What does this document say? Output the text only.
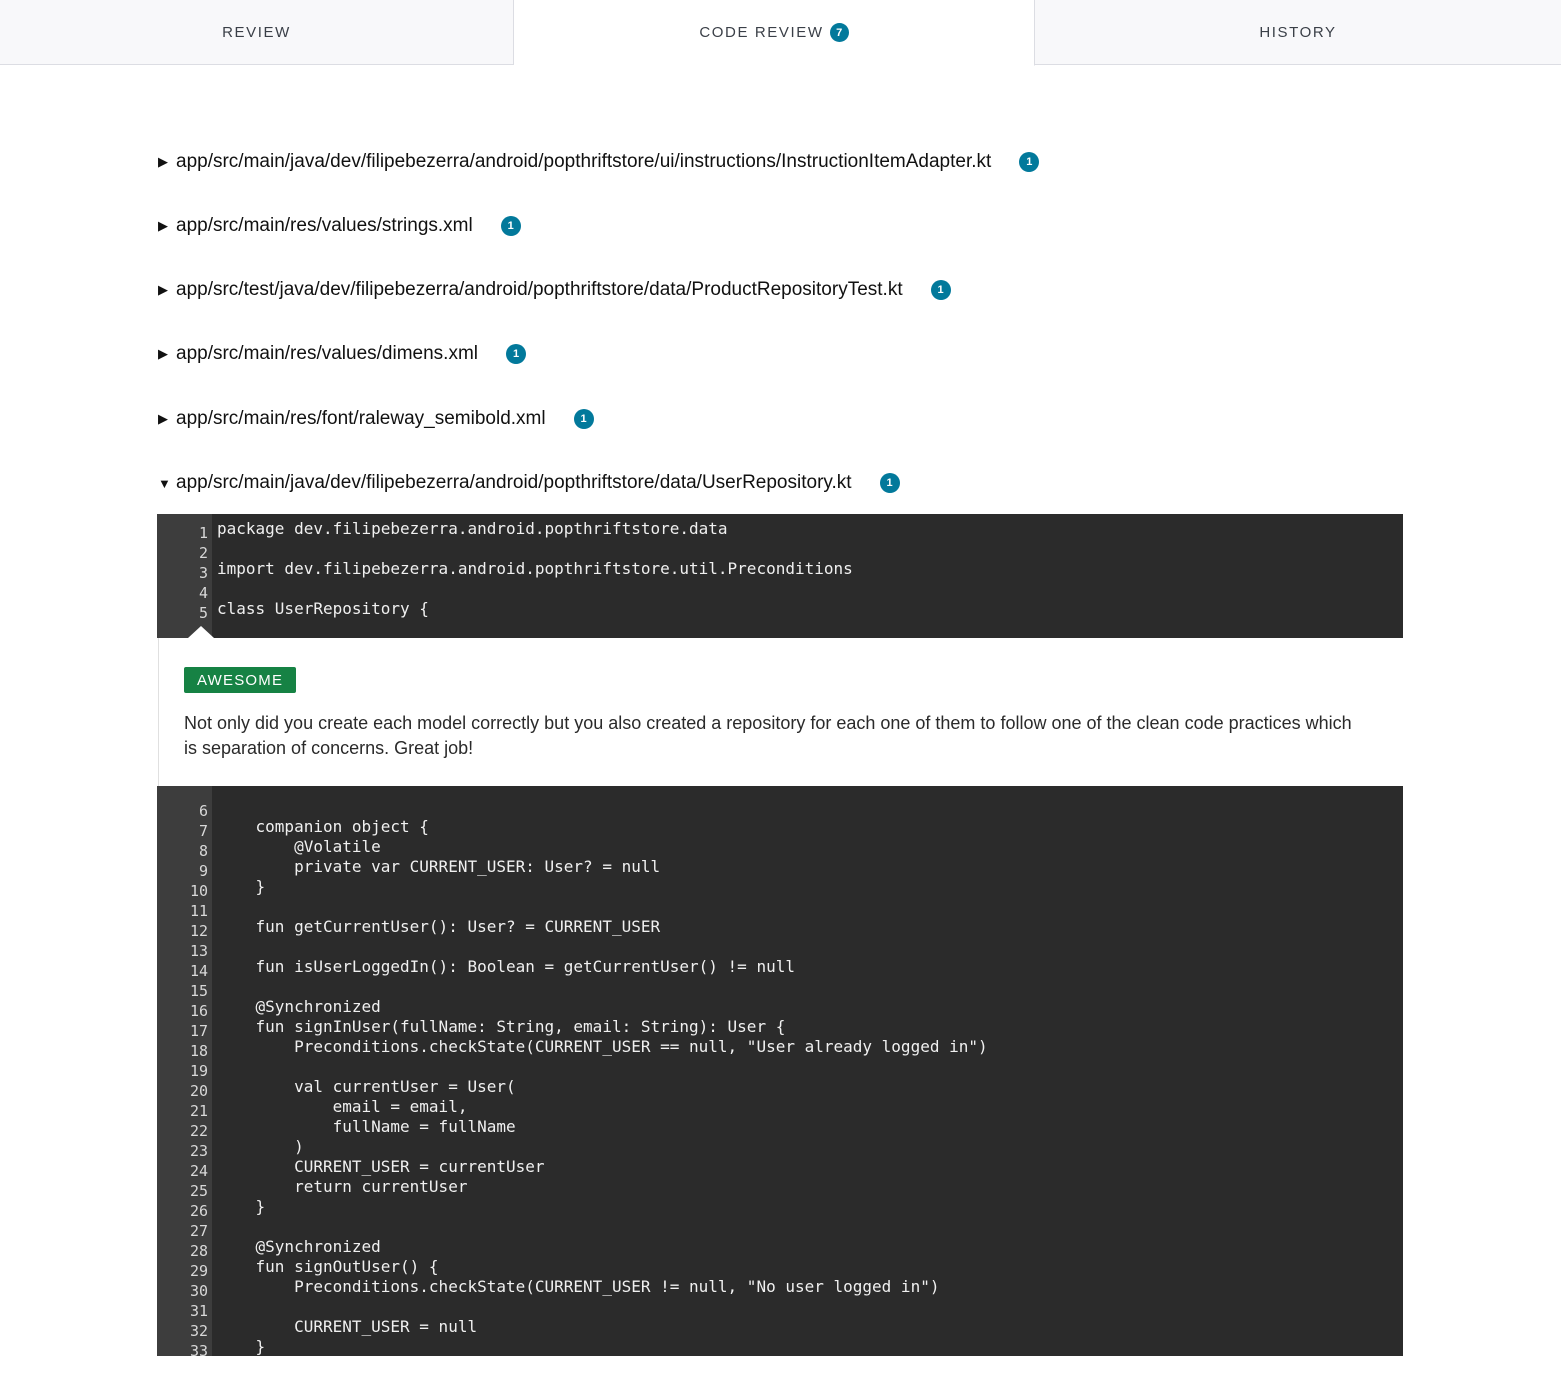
REVIEW	CODE REVIEW	7	HISTORY
▶ app/src/main/java/dev/filipebezerra/android/popthriftstore/ui/instructions/InstructionItemAdapter.kt	1
▶ app/src/main/res/values/strings.xml	1
▶ app/src/test/java/dev/filipebezerra/android/popthriftstore/data/ProductRepositoryTest.kt	1
▶ app/src/main/res/values/dimens.xml	1
▶ app/src/main/res/font/raleway_semibold.xml	1
▼ app/src/main/java/dev/filipebezerra/android/popthriftstore/data/UserRepository.kt	1
1 package dev.filipebezerra.android.popthriftstore.data
2
3 import dev.filipebezerra.android.popthriftstore.util.Preconditions
4
5 class UserRepository {
AWESOME
Not only did you create each model correctly but you also created a repository for each one of them to follow one of the clean code practices which is separation of concerns. Great job!
6
7 companion object {
8 @Volatile
9 private var CURRENT_USER: User? = null
10 }
11
12 fun getCurrentUser(): User? = CURRENT_USER
13
14 fun isUserLoggedIn(): Boolean = getCurrentUser() != null
15
16 @Synchronized
17 fun signInUser(fullName: String, email: String): User {
18 Preconditions.checkState(CURRENT_USER == null, "User already logged in")
19
20 val currentUser = User(
21 email = email,
22 fullName = fullName
23 )
24 CURRENT_USER = currentUser
25 return currentUser
26 }
27
28 @Synchronized
29 fun signOutUser() {
30 Preconditions.checkState(CURRENT_USER != null, "No user logged in")
31
32 CURRENT_USER = null
33 }
